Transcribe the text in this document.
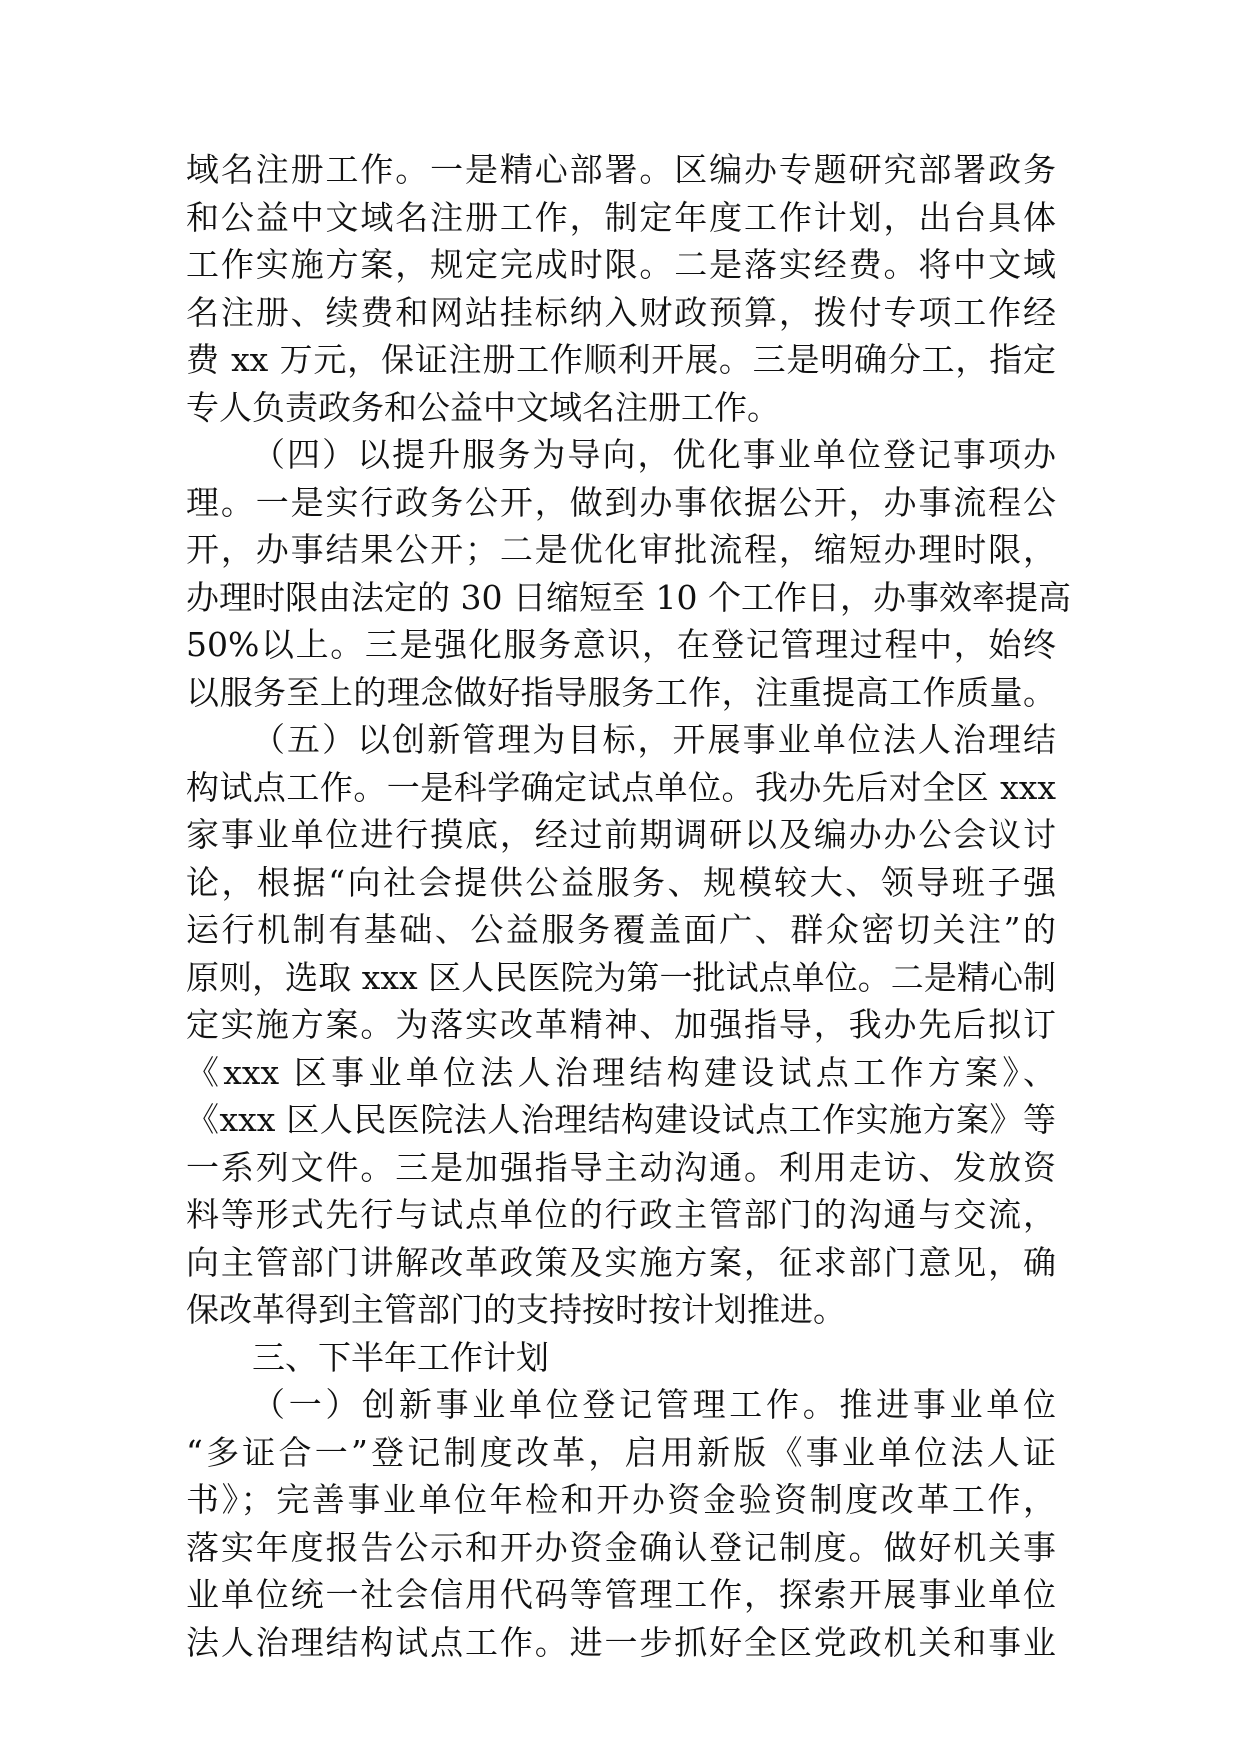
域名注册工作。一是精心部署。区编办专题研究部署政务
和公益中文域名注册工作，制定年度工作计划，出台具体
工作实施方案，规定完成时限。二是落实经费。将中文域
名注册、续费和网站挂标纳入财政预算，拨付专项工作经
费 xx 万元，保证注册工作顺利开展。三是明确分工，指定
专人负责政务和公益中文域名注册工作。
（四）以提升服务为导向，优化事业单位登记事项办
理。一是实行政务公开，做到办事依据公开，办事流程公
开，办事结果公开；二是优化审批流程，缩短办理时限，
办理时限由法定的 30 日缩短至 10 个工作日，办事效率提高
50%以上。三是强化服务意识，在登记管理过程中，始终
以服务至上的理念做好指导服务工作，注重提高工作质量。
（五）以创新管理为目标，开展事业单位法人治理结
构试点工作。一是科学确定试点单位。我办先后对全区 xxx
家事业单位进行摸底，经过前期调研以及编办办公会议讨
论，根据“向社会提供公益服务、规模较大、领导班子强
运行机制有基础、公益服务覆盖面广、群众密切关注”的
原则，选取 xxx 区人民医院为第一批试点单位。二是精心制
定实施方案。为落实改革精神、加强指导，我办先后拟订
《xxx 区事业单位法人治理结构建设试点工作方案》、
《xxx 区人民医院法人治理结构建设试点工作实施方案》等
一系列文件。三是加强指导主动沟通。利用走访、发放资
料等形式先行与试点单位的行政主管部门的沟通与交流，
向主管部门讲解改革政策及实施方案，征求部门意见，确
保改革得到主管部门的支持按时按计划推进。
三、下半年工作计划
（一）创新事业单位登记管理工作。推进事业单位
“多证合一”登记制度改革，启用新版《事业单位法人证
书》；完善事业单位年检和开办资金验资制度改革工作，
落实年度报告公示和开办资金确认登记制度。做好机关事
业单位统一社会信用代码等管理工作，探索开展事业单位
法人治理结构试点工作。进一步抓好全区党政机关和事业
